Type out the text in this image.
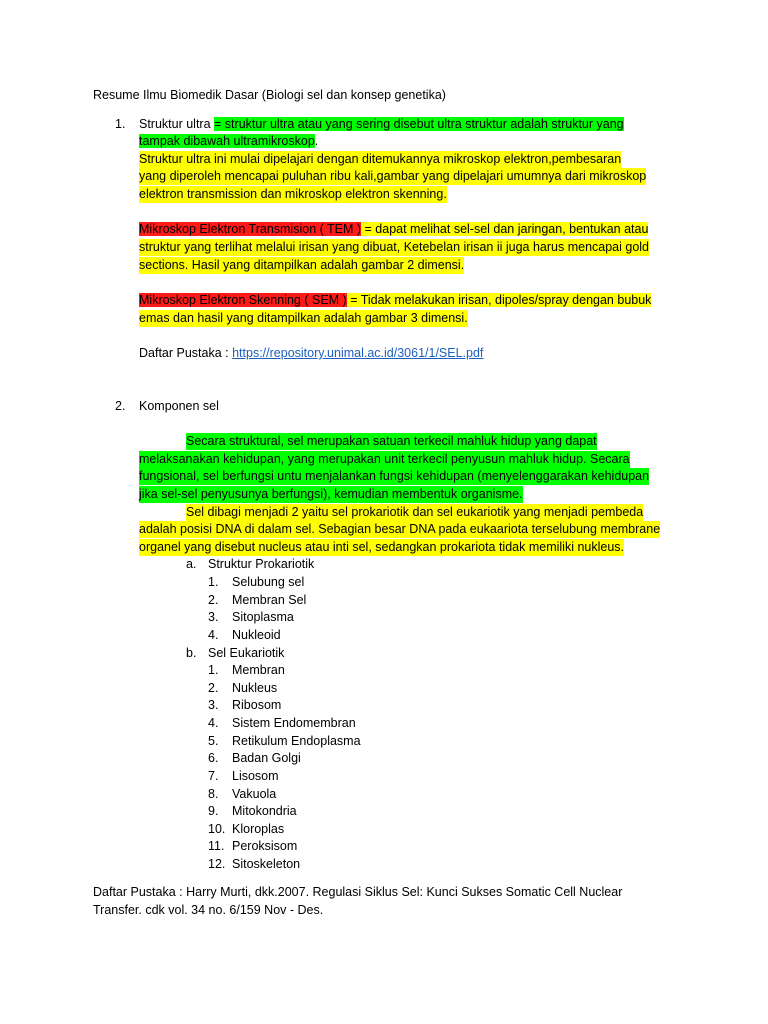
Resume Ilmu Biomedik Dasar (Biologi sel dan konsep genetika)
1. Struktur ultra = struktur ultra atau yang sering disebut ultra struktur adalah struktur yang
tampak dibawah ultramikroskop.
Struktur ultra ini mulai dipelajari dengan ditemukannya mikroskop elektron,pembesaran
yang diperoleh mencapai puluhan ribu kali,gambar yang dipelajari umumnya dari mikroskop
elektron transmission dan mikroskop elektron skenning.
Mikroskop Elektron Transmision ( TEM ) = dapat melihat sel-sel dan jaringan, bentukan atau
struktur yang terlihat melalui irisan yang dibuat, Ketebelan irisan ii juga harus mencapai gold
sections. Hasil yang ditampilkan adalah gambar 2 dimensi.
Mikroskop Elektron Skenning ( SEM ) = Tidak melakukan irisan, dipoles/spray dengan bubuk
emas dan hasil yang ditampilkan adalah gambar 3 dimensi.
Daftar Pustaka : https://repository.unimal.ac.id/3061/1/SEL.pdf
2. Komponen sel
Secara struktural, sel merupakan satuan terkecil mahluk hidup yang dapat
melaksanakan kehidupan, yang merupakan unit terkecil penyusun mahluk hidup. Secara
fungsional, sel berfungsi untu menjalankan fungsi kehidupan (menyelenggarakan kehidupan
jika sel-sel penyusunya berfungsi), kemudian membentuk organisme.
Sel dibagi menjadi 2 yaitu sel prokariotik dan sel eukariotik yang menjadi pembeda
adalah posisi DNA di dalam sel. Sebagian besar DNA pada eukaariota terselubung membrane
organel yang disebut nucleus atau inti sel, sedangkan prokariota tidak memiliki nukleus.
a. Struktur Prokariotik
1. Selubung sel
2. Membran Sel
3. Sitoplasma
4. Nukleoid
b. Sel Eukariotik
1. Membran
2. Nukleus
3. Ribosom
4. Sistem Endomembran
5. Retikulum Endoplasma
6. Badan Golgi
7. Lisosom
8. Vakuola
9. Mitokondria
10. Kloroplas
11. Peroksisom
12. Sitoskeleton
Daftar Pustaka : Harry Murti, dkk.2007. Regulasi Siklus Sel: Kunci Sukses Somatic Cell Nuclear
Transfer. cdk vol. 34 no. 6/159 Nov - Des.
